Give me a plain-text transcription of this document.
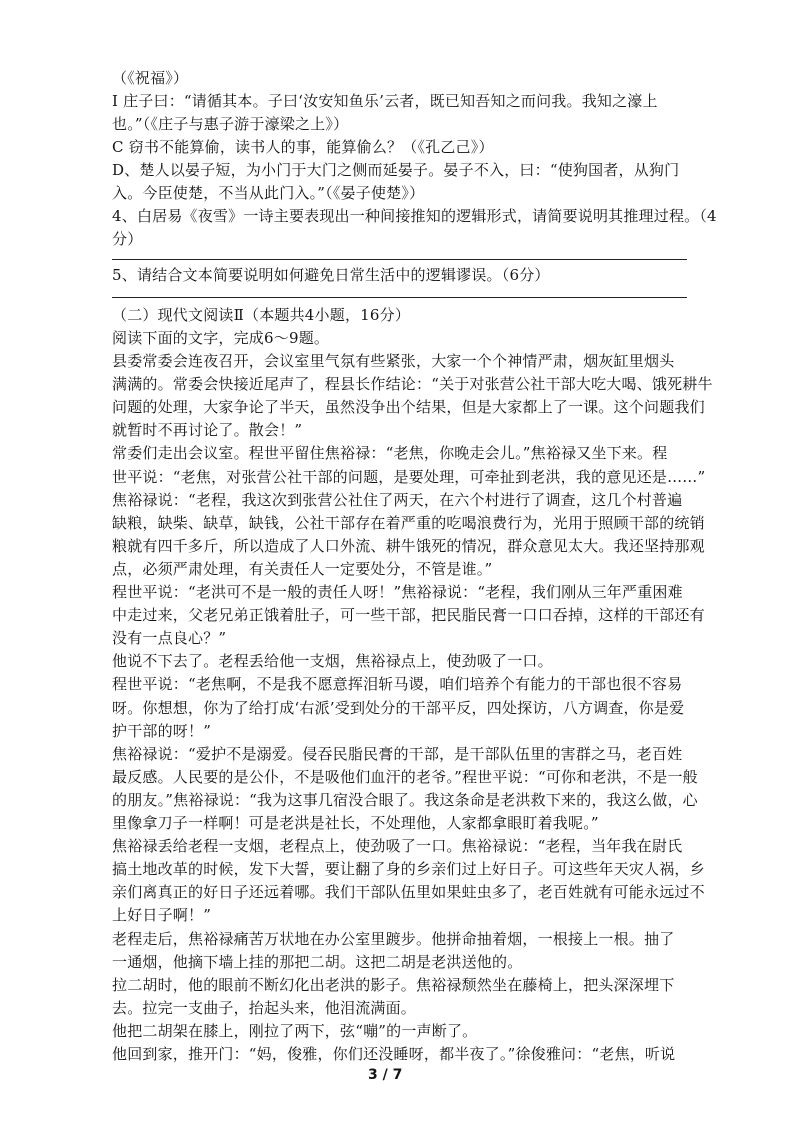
（《祝福》）
I 庄子曰：“请循其本。子曰‘汝安知鱼乐’云者，既已知吾知之而问我。我知之濠上
也。”（《庄子与惠子游于濠梁之上》）
C 窃书不能算偷，读书人的事，能算偷么？（《孔乙己》）
D、楚人以晏子短，为小门于大门之侧而延晏子。晏子不入，曰：“使狗国者，从狗门
入。今臣使楚，不当从此门入。”（《晏子使楚》）
4、白居易《夜雪》一诗主要表现出一种间接推知的逻辑形式，请简要说明其推理过程。（4
分）
5、请结合文本简要说明如何避免日常生活中的逻辑谬误。（6分）
（二）现代文阅读Ⅱ（本题共4小题，16分）
阅读下面的文字，完成6～9题。
县委常委会连夜召开，会议室里气氛有些紧张，大家一个个神情严肃，烟灰缸里烟头
满满的。常委会快接近尾声了，程县长作结论：“关于对张营公社干部大吃大喝、饿死耕牛
问题的处理，大家争论了半天，虽然没争出个结果，但是大家都上了一课。这个问题我们
就暂时不再讨论了。散会！”
常委们走出会议室。程世平留住焦裕禄：“老焦，你晚走会儿。”焦裕禄又坐下来。程
世平说：“老焦，对张营公社干部的问题，是要处理，可牵扯到老洪，我的意见还是……”
焦裕禄说：“老程，我这次到张营公社住了两天，在六个村进行了调查，这几个村普遍
缺粮，缺柴、缺草，缺钱，公社干部存在着严重的吃喝浪费行为，光用于照顾干部的统销
粮就有四千多斤，所以造成了人口外流、耕牛饿死的情况，群众意见太大。我还坚持那观
点，必须严肃处理，有关责任人一定要处分，不管是谁。”
程世平说：“老洪可不是一般的责任人呀！”焦裕禄说：“老程，我们刚从三年严重困难
中走过来，父老兄弟正饿着肚子，可一些干部，把民脂民膏一口口吞掉，这样的干部还有
没有一点良心？”
他说不下去了。老程丢给他一支烟，焦裕禄点上，使劲吸了一口。
程世平说：“老焦啊，不是我不愿意挥泪斩马谡，咱们培养个有能力的干部也很不容易
呀。你想想，你为了给打成‘右派’受到处分的干部平反，四处探访，八方调查，你是爱
护干部的呀！”
焦裕禄说：“爱护不是溺爱。侵吞民脂民膏的干部，是干部队伍里的害群之马，老百姓
最反感。人民要的是公仆，不是吸他们血汗的老爷。”程世平说：“可你和老洪，不是一般
的朋友。”焦裕禄说：“我为这事几宿没合眼了。我这条命是老洪救下来的，我这么做，心
里像拿刀子一样啊！可是老洪是社长，不处理他，人家都拿眼盯着我呢。”
焦裕禄丢给老程一支烟，老程点上，使劲吸了一口。焦裕禄说：“老程，当年我在尉氏
搞土地改革的时候，发下大誓，要让翻了身的乡亲们过上好日子。可这些年天灾人祸，乡
亲们离真正的好日子还远着哪。我们干部队伍里如果蛀虫多了，老百姓就有可能永远过不
上好日子啊！”
老程走后，焦裕禄痛苦万状地在办公室里踱步。他拼命抽着烟，一根接上一根。抽了
一通烟，他摘下墙上挂的那把二胡。这把二胡是老洪送他的。
拉二胡时，他的眼前不断幻化出老洪的影子。焦裕禄颓然坐在藤椅上，把头深深埋下
去。拉完一支曲子，抬起头来，他泪流满面。
他把二胡架在膝上，刚拉了两下，弦“嘣”的一声断了。
他回到家，推开门：“妈，俊雅，你们还没睡呀，都半夜了。”徐俊雅问：“老焦，听说
3 / 7
